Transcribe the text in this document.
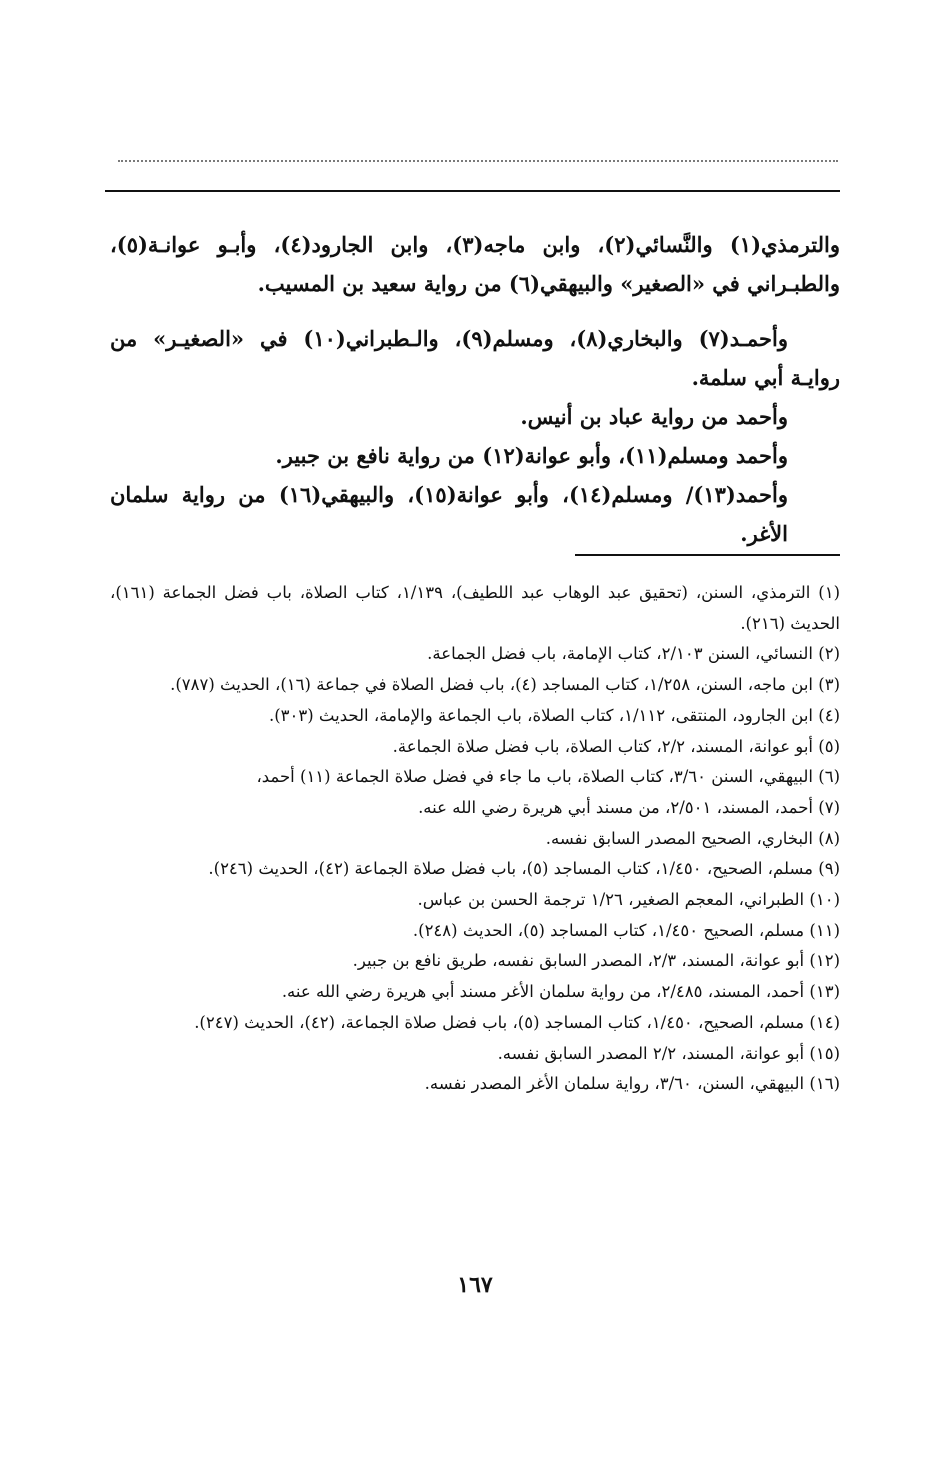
والترمذي(١) والنَّسائي(٢)، وابن ماجه(٣)، وابن الجارود(٤)، وأبـو عوانـة(٥)، والطبـراني في «الصغير» والبيهقي(٦) من رواية سعيد بن المسيب.

وأحمـد(٧) والبخاري(٨)، ومسلم(٩)، والـطبراني(١٠) في «الصغيـر» من روايـة أبي سلمة.

وأحمد من رواية عباد بن أنيس.

وأحمد ومسلم(١١)، وأبو عوانة(١٢) من رواية نافع بن جبير.

وأحمد(١٣)/ ومسلم(١٤)، وأبو عوانة(١٥)، والبيهقي(١٦) من رواية سلمان الأغر.

(١) الترمذي، السنن، (تحقيق عبد الوهاب عبد اللطيف)، ١/١٣٩، كتاب الصلاة، باب فضل الجماعة (١٦١)، الحديث (٢١٦).

(٢) النسائي، السنن ٢/١٠٣، كتاب الإمامة، باب فضل الجماعة.

(٣) ابن ماجه، السنن، ١/٢٥٨، كتاب المساجد (٤)، باب فضل الصلاة في جماعة (١٦)، الحديث (٧٨٧).

(٤) ابن الجارود، المنتقى، ١/١١٢، كتاب الصلاة، باب الجماعة والإمامة، الحديث (٣٠٣).

(٥) أبو عوانة، المسند، ٢/٢، كتاب الصلاة، باب فضل صلاة الجماعة.

(٦) البيهقي، السنن ٣/٦٠، كتاب الصلاة، باب ما جاء في فضل صلاة الجماعة (١١) أحمد،

(٧) أحمد، المسند، ٢/٥٠١، من مسند أبي هريرة رضي الله عنه.

(٨) البخاري، الصحيح المصدر السابق نفسه.

(٩) مسلم، الصحيح، ١/٤٥٠، كتاب المساجد (٥)، باب فضل صلاة الجماعة (٤٢)، الحديث (٢٤٦).

(١٠) الطبراني، المعجم الصغير، ١/٢٦ ترجمة الحسن بن عباس.

(١١) مسلم، الصحيح ١/٤٥٠، كتاب المساجد (٥)، الحديث (٢٤٨).

(١٢) أبو عوانة، المسند، ٢/٣، المصدر السابق نفسه، طريق نافع بن جبير.

(١٣) أحمد، المسند، ٢/٤٨٥، من رواية سلمان الأغر مسند أبي هريرة رضي الله عنه.

(١٤) مسلم، الصحيح، ١/٤٥٠، كتاب المساجد (٥)، باب فضل صلاة الجماعة، (٤٢)، الحديث (٢٤٧).

(١٥) أبو عوانة، المسند، ٢/٢ المصدر السابق نفسه.

(١٦) البيهقي، السنن، ٣/٦٠، رواية سلمان الأغر المصدر نفسه.

١٦٧
